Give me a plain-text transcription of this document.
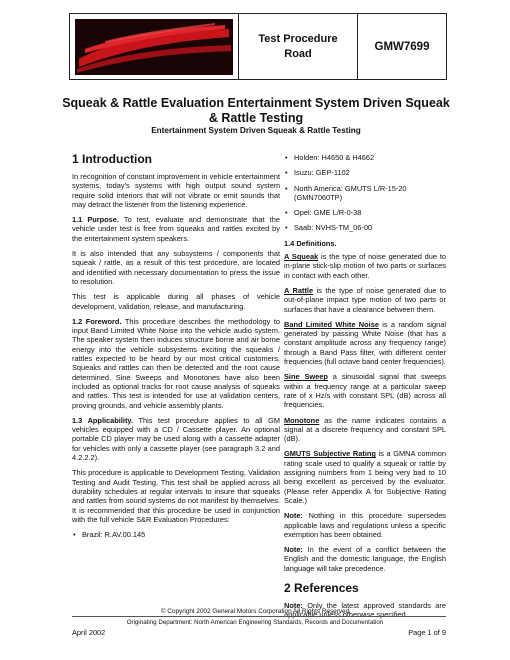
Test Procedure
Road
GMW7699
Squeak & Rattle Evaluation Entertainment System Driven Squeak & Rattle Testing
Entertainment System Driven Squeak & Rattle Testing
1 Introduction

In recognition of constant improvement in vehicle entertainment systems, today's systems with high output sound system require solid interiors that will not vibrate or emit sounds that may detract the listener from the listening experience.

1.1 Purpose. To test, evaluate and demonstrate that the vehicle under test is free from squeaks and rattles excited by the entertainment system speakers.

It is also intended that any subsystems / components that squeak / rattle, as a result of this test procedure, are located and identified with necessary documentation to press the issue to resolution.

This test is applicable during all phases of vehicle development, validation, release, and manufacturing.

1.2 Foreword. This procedure describes the methodology to input Band Limited White Noise into the vehicle audio system. The speaker system then induces structure borne and air borne energy into the vehicle subsystems exciting the squeaks / rattles expected to be heard by our most critical customers. Squeaks and rattles can then be detected and the root cause determined. Sine Sweeps and Monotones have also been included as optional tracks for root cause analysis of squeaks and rattles. This test is intended for use at validation centers, proving grounds, and vehicle assembly plants.

1.3 Applicability. This test procedure applies to all GM vehicles equipped with a CD / Cassette player. An optional portable CD player may be used along with a cassette adapter for vehicles with only a cassette player (see paragraph 3.2 and 4.2.2.2).

This procedure is applicable to Development Testing, Validation Testing and Audit Testing. This test shall be applied across all durability schedules at regular intervals to insure that squeaks and rattles from sound systems do not manifest by themselves. It is recommended that this procedure be used in conjunction with the full vehicle S&R Evaluation Procedures:

• Brazil: R.AV.00.145
• Holden: H4650 & H4662
• Isuzu: GEP-1102
• North America: GMUTS L/R-15-20 (GMN7060TP)
• Opel: GME L/R-0-38
• Saab: NVHS-TM_06-00
1.4 Definitions.

A Squeak is the type of noise generated due to in-plane stick-slip motion of two parts or surfaces in contact with each other.

A Rattle is the type of noise generated due to out-of-plane impact type motion of two parts or surfaces that have a clearance between them.

Band Limited White Noise is a random signal generated by passing White Noise (that has a constant amplitude across any frequency range) through a Band Pass filter, with different center frequencies (full octave band center frequencies).

Sine Sweep a sinusoidal signal that sweeps within a frequency range at a particular sweep rate of x Hz/s with constant SPL (dB) across all frequencies.

Monotone as the name indicates contains a signal at a discrete frequency and constant SPL (dB).

GMUTS Subjective Rating is a GMNA common rating scale used to qualify a squeak or rattle by assigning numbers from 1 being very bad to 10 being excellent as perceived by the evaluator. (Please refer Appendix A for Subjective Rating Scale.)

Note: Nothing in this procedure supersedes applicable laws and regulations unless a specific exemption has been obtained.

Note: In the event of a conflict between the English and the domestic language, the English language will take precedence.

2 References

Note: Only the latest approved standards are applicable unless otherwise specified.

© Copyright 2002 General Motors Corporation All Rights Reserved
Originating Department: North American Engineering Standards, Records and Documentation
April 2002	Page 1 of 9
